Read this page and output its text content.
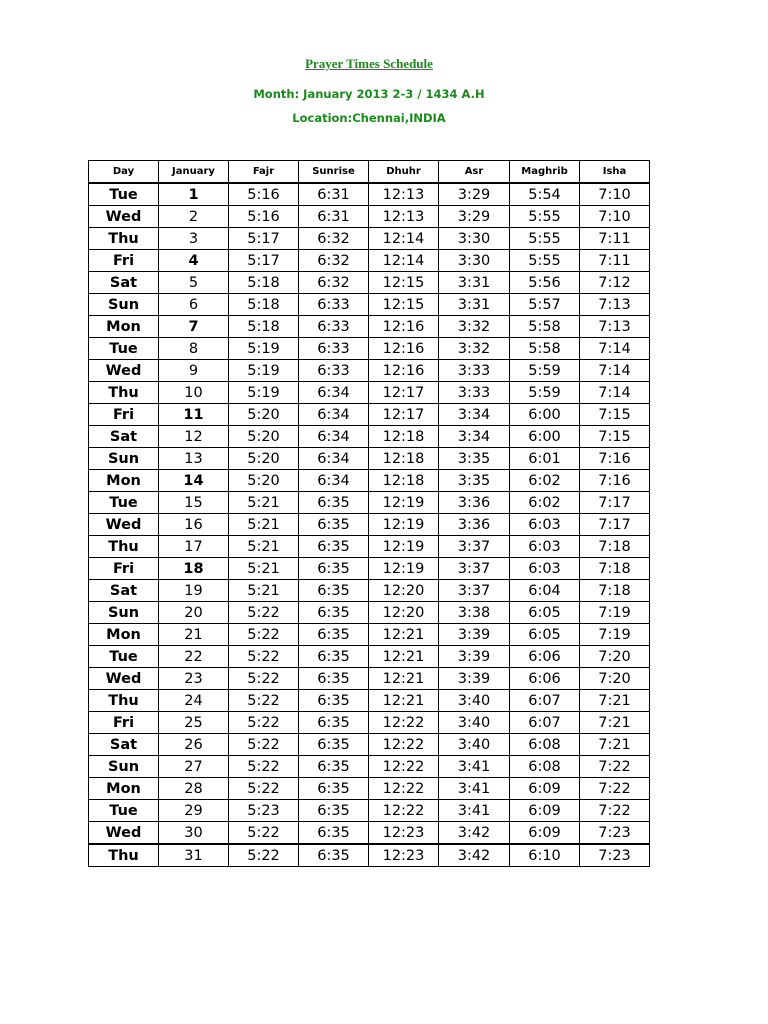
Prayer Times Schedule
Month: January 2013 2-3 / 1434 A.H
Location:Chennai,INDIA
Day	January	Fajr	Sunrise	Dhuhr	Asr	Maghrib	Isha
Tue	1	5:16	6:31	12:13	3:29	5:54	7:10
Wed	2	5:16	6:31	12:13	3:29	5:55	7:10
Thu	3	5:17	6:32	12:14	3:30	5:55	7:11
Fri	4	5:17	6:32	12:14	3:30	5:55	7:11
Sat	5	5:18	6:32	12:15	3:31	5:56	7:12
Sun	6	5:18	6:33	12:15	3:31	5:57	7:13
Mon	7	5:18	6:33	12:16	3:32	5:58	7:13
Tue	8	5:19	6:33	12:16	3:32	5:58	7:14
Wed	9	5:19	6:33	12:16	3:33	5:59	7:14
Thu	10	5:19	6:34	12:17	3:33	5:59	7:14
Fri	11	5:20	6:34	12:17	3:34	6:00	7:15
Sat	12	5:20	6:34	12:18	3:34	6:00	7:15
Sun	13	5:20	6:34	12:18	3:35	6:01	7:16
Mon	14	5:20	6:34	12:18	3:35	6:02	7:16
Tue	15	5:21	6:35	12:19	3:36	6:02	7:17
Wed	16	5:21	6:35	12:19	3:36	6:03	7:17
Thu	17	5:21	6:35	12:19	3:37	6:03	7:18
Fri	18	5:21	6:35	12:19	3:37	6:03	7:18
Sat	19	5:21	6:35	12:20	3:37	6:04	7:18
Sun	20	5:22	6:35	12:20	3:38	6:05	7:19
Mon	21	5:22	6:35	12:21	3:39	6:05	7:19
Tue	22	5:22	6:35	12:21	3:39	6:06	7:20
Wed	23	5:22	6:35	12:21	3:39	6:06	7:20
Thu	24	5:22	6:35	12:21	3:40	6:07	7:21
Fri	25	5:22	6:35	12:22	3:40	6:07	7:21
Sat	26	5:22	6:35	12:22	3:40	6:08	7:21
Sun	27	5:22	6:35	12:22	3:41	6:08	7:22
Mon	28	5:22	6:35	12:22	3:41	6:09	7:22
Tue	29	5:23	6:35	12:22	3:41	6:09	7:22
Wed	30	5:22	6:35	12:23	3:42	6:09	7:23
Thu	31	5:22	6:35	12:23	3:42	6:10	7:23
